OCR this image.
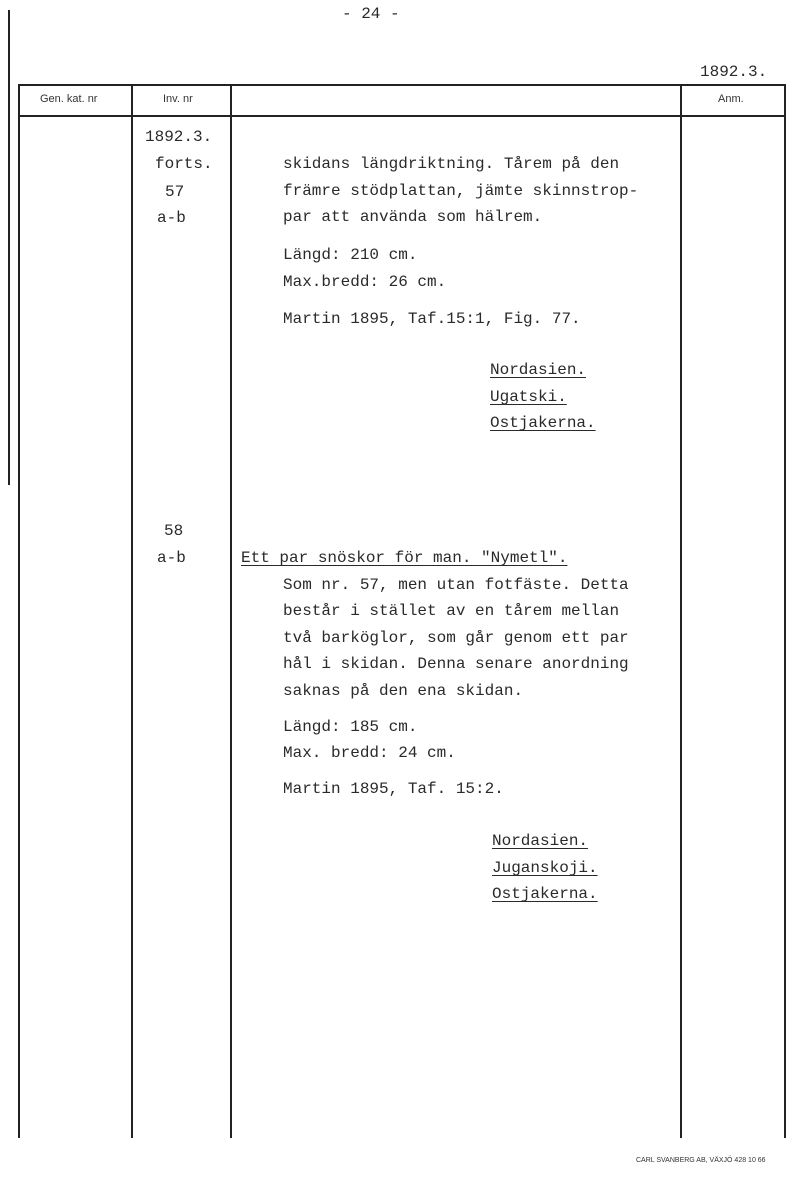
- 24 -
1892.3.
Gen. kat. nr	Inv. nr	Anm.
1892.3.
forts.
57
a-b
58
a-b
skidans längdriktning. Tårem på den
främre stödplattan, jämte skinnstrop-
par att använda som hälrem.
Längd: 210 cm.
Max.bredd: 26 cm.
Martin 1895, Taf.15:1, Fig. 77.
Nordasien.
Ugatski.
Ostjakerna.
Ett par snöskor för man. "Nymetl".
Som nr. 57, men utan fotfäste. Detta
består i stället av en tårem mellan
två barköglor, som går genom ett par
hål i skidan. Denna senare anordning
saknas på den ena skidan.
Längd: 185 cm.
Max. bredd: 24 cm.
Martin 1895, Taf. 15:2.
Nordasien.
Juganskoji.
Ostjakerna.
CARL SVANBERG AB, VÄXJÖ 428 10 66
